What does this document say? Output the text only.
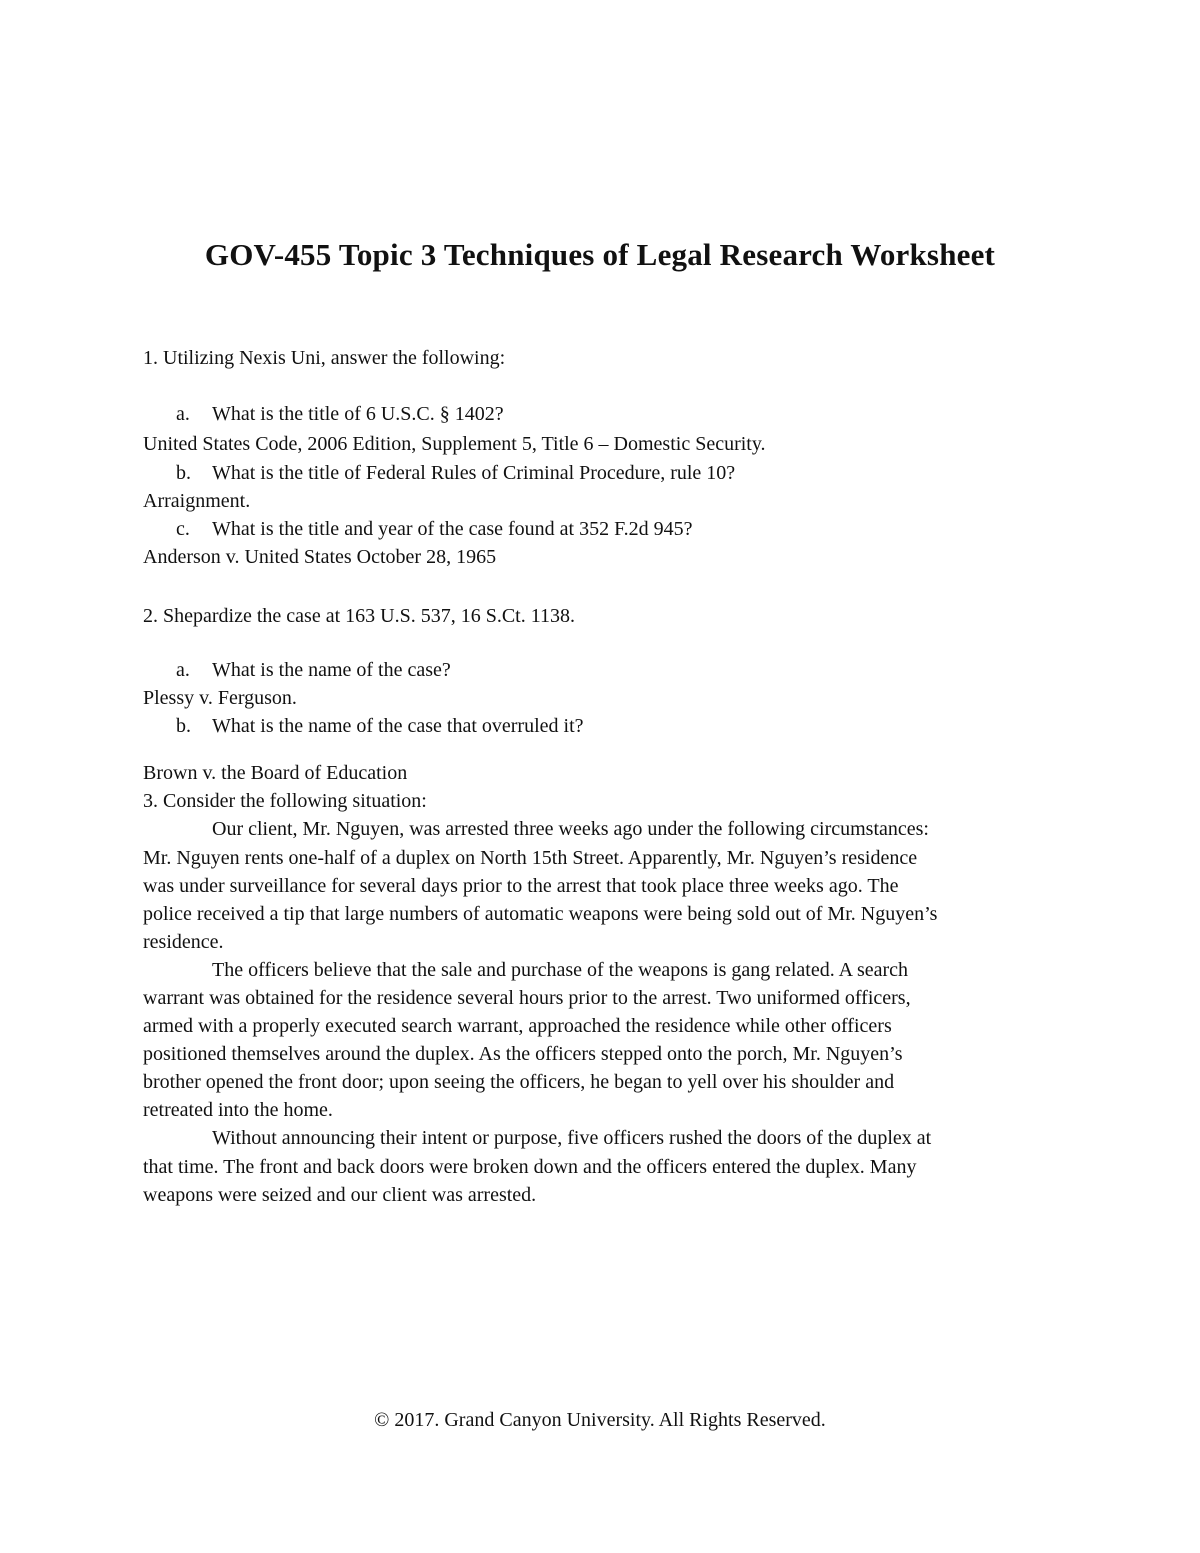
GOV-455 Topic 3 Techniques of Legal Research Worksheet
1. Utilizing Nexis Uni, answer the following:
a. What is the title of 6 U.S.C. § 1402?
United States Code, 2006 Edition, Supplement 5, Title 6 – Domestic Security.
b. What is the title of Federal Rules of Criminal Procedure, rule 10?
Arraignment.
c. What is the title and year of the case found at 352 F.2d 945?
Anderson v. United States October 28, 1965
2. Shepardize the case at 163 U.S. 537, 16 S.Ct. 1138.
a. What is the name of the case?
Plessy v. Ferguson.
b. What is the name of the case that overruled it?
Brown v. the Board of Education
3. Consider the following situation:
Our client, Mr. Nguyen, was arrested three weeks ago under the following circumstances:
Mr. Nguyen rents one-half of a duplex on North 15th Street. Apparently, Mr. Nguyen’s residence
was under surveillance for several days prior to the arrest that took place three weeks ago. The
police received a tip that large numbers of automatic weapons were being sold out of Mr. Nguyen’s
residence.
The officers believe that the sale and purchase of the weapons is gang related. A search
warrant was obtained for the residence several hours prior to the arrest. Two uniformed officers,
armed with a properly executed search warrant, approached the residence while other officers
positioned themselves around the duplex. As the officers stepped onto the porch, Mr. Nguyen’s
brother opened the front door; upon seeing the officers, he began to yell over his shoulder and
retreated into the home.
Without announcing their intent or purpose, five officers rushed the doors of the duplex at
that time. The front and back doors were broken down and the officers entered the duplex. Many
weapons were seized and our client was arrested.
© 2017. Grand Canyon University. All Rights Reserved.
